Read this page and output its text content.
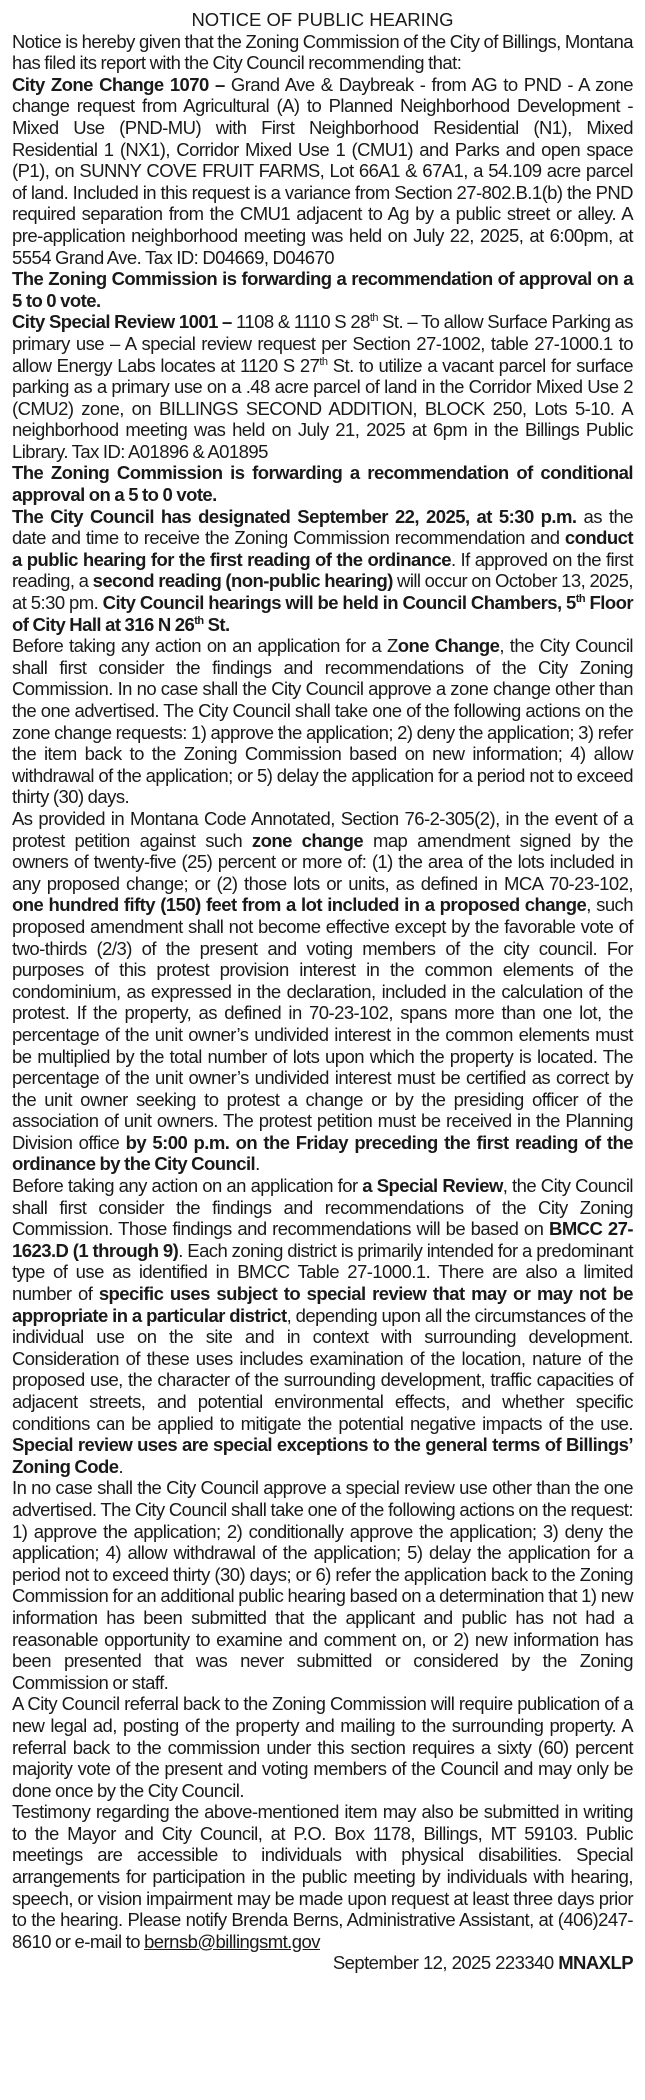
NOTICE OF PUBLIC HEARING

Notice is hereby given that the Zoning Commission of the City of Billings, Montana has filed its report with the City Council recommending that:

City Zone Change 1070 – Grand Ave & Daybreak - from AG to PND - A zone change request from Agricultural (A) to Planned Neighborhood Development - Mixed Use (PND-MU) with First Neighborhood Residential (N1), Mixed Residential 1 (NX1), Corridor Mixed Use 1 (CMU1) and Parks and open space (P1), on SUNNY COVE FRUIT FARMS, Lot 66A1 & 67A1, a 54.109 acre parcel of land. Included in this request is a variance from Section 27-802.B.1(b) the PND required separation from the CMU1 adjacent to Ag by a public street or alley. A pre-application neighborhood meeting was held on July 22, 2025, at 6:00pm, at 5554 Grand Ave. Tax ID: D04669, D04670

The Zoning Commission is forwarding a recommendation of approval on a 5 to 0 vote.

City Special Review 1001 – 1108 & 1110 S 28th St. – To allow Surface Parking as primary use – A special review request per Section 27-1002, table 27-1000.1 to allow Energy Labs locates at 1120 S 27th St. to utilize a vacant parcel for surface parking as a primary use on a .48 acre parcel of land in the Corridor Mixed Use 2 (CMU2) zone, on BILLINGS SECOND ADDITION, BLOCK 250, Lots 5-10. A neighborhood meeting was held on July 21, 2025 at 6pm in the Billings Public Library. Tax ID: A01896 & A01895

The Zoning Commission is forwarding a recommendation of conditional approval on a 5 to 0 vote.

The City Council has designated September 22, 2025, at 5:30 p.m. as the date and time to receive the Zoning Commission recommendation and conduct a public hearing for the first reading of the ordinance. If approved on the first reading, a second reading (non-public hearing) will occur on October 13, 2025, at 5:30 pm. City Council hearings will be held in Council Chambers, 5th Floor of City Hall at 316 N 26th St.

Before taking any action on an application for a Zone Change, the City Council shall first consider the findings and recommendations of the City Zoning Commission. In no case shall the City Council approve a zone change other than the one advertised. The City Council shall take one of the following actions on the zone change requests: 1) approve the application; 2) deny the application; 3) refer the item back to the Zoning Commission based on new information; 4) allow withdrawal of the application; or 5) delay the application for a period not to exceed thirty (30) days.

As provided in Montana Code Annotated, Section 76-2-305(2), in the event of a protest petition against such zone change map amendment signed by the owners of twenty-five (25) percent or more of: (1) the area of the lots included in any proposed change; or (2) those lots or units, as defined in MCA 70-23-102, one hundred fifty (150) feet from a lot included in a proposed change, such proposed amendment shall not become effective except by the favorable vote of two-thirds (2/3) of the present and voting members of the city council. For purposes of this protest provision interest in the common elements of the condominium, as expressed in the declaration, included in the calculation of the protest. If the property, as defined in 70-23-102, spans more than one lot, the percentage of the unit owner’s undivided interest in the common elements must be multiplied by the total number of lots upon which the property is located. The percentage of the unit owner’s undivided interest must be certified as correct by the unit owner seeking to protest a change or by the presiding officer of the association of unit owners. The protest petition must be received in the Planning Division office by 5:00 p.m. on the Friday preceding the first reading of the ordinance by the City Council.

Before taking any action on an application for a Special Review, the City Council shall first consider the findings and recommendations of the City Zoning Commission. Those findings and recommendations will be based on BMCC 27-1623.D (1 through 9). Each zoning district is primarily intended for a predominant type of use as identified in BMCC Table 27-1000.1. There are also a limited number of specific uses subject to special review that may or may not be appropriate in a particular district, depending upon all the circumstances of the individual use on the site and in context with surrounding development. Consideration of these uses includes examination of the location, nature of the proposed use, the character of the surrounding development, traffic capacities of adjacent streets, and potential environmental effects, and whether specific conditions can be applied to mitigate the potential negative impacts of the use. Special review uses are special exceptions to the general terms of Billings’ Zoning Code.

In no case shall the City Council approve a special review use other than the one advertised. The City Council shall take one of the following actions on the request: 1) approve the application; 2) conditionally approve the application; 3) deny the application; 4) allow withdrawal of the application; 5) delay the application for a period not to exceed thirty (30) days; or 6) refer the application back to the Zoning Commission for an additional public hearing based on a determination that 1) new information has been submitted that the applicant and public has not had a reasonable opportunity to examine and comment on, or 2) new information has been presented that was never submitted or considered by the Zoning Commission or staff.

A City Council referral back to the Zoning Commission will require publication of a new legal ad, posting of the property and mailing to the surrounding property. A referral back to the commission under this section requires a sixty (60) percent majority vote of the present and voting members of the Council and may only be done once by the City Council.

Testimony regarding the above-mentioned item may also be submitted in writing to the Mayor and City Council, at P.O. Box 1178, Billings, MT 59103. Public meetings are accessible to individuals with physical disabilities. Special arrangements for participation in the public meeting by individuals with hearing, speech, or vision impairment may be made upon request at least three days prior to the hearing. Please notify Brenda Berns, Administrative Assistant, at (406)247-8610 or e-mail to bernsb@billingsmt.gov

September 12, 2025 223340 MNAXLP
